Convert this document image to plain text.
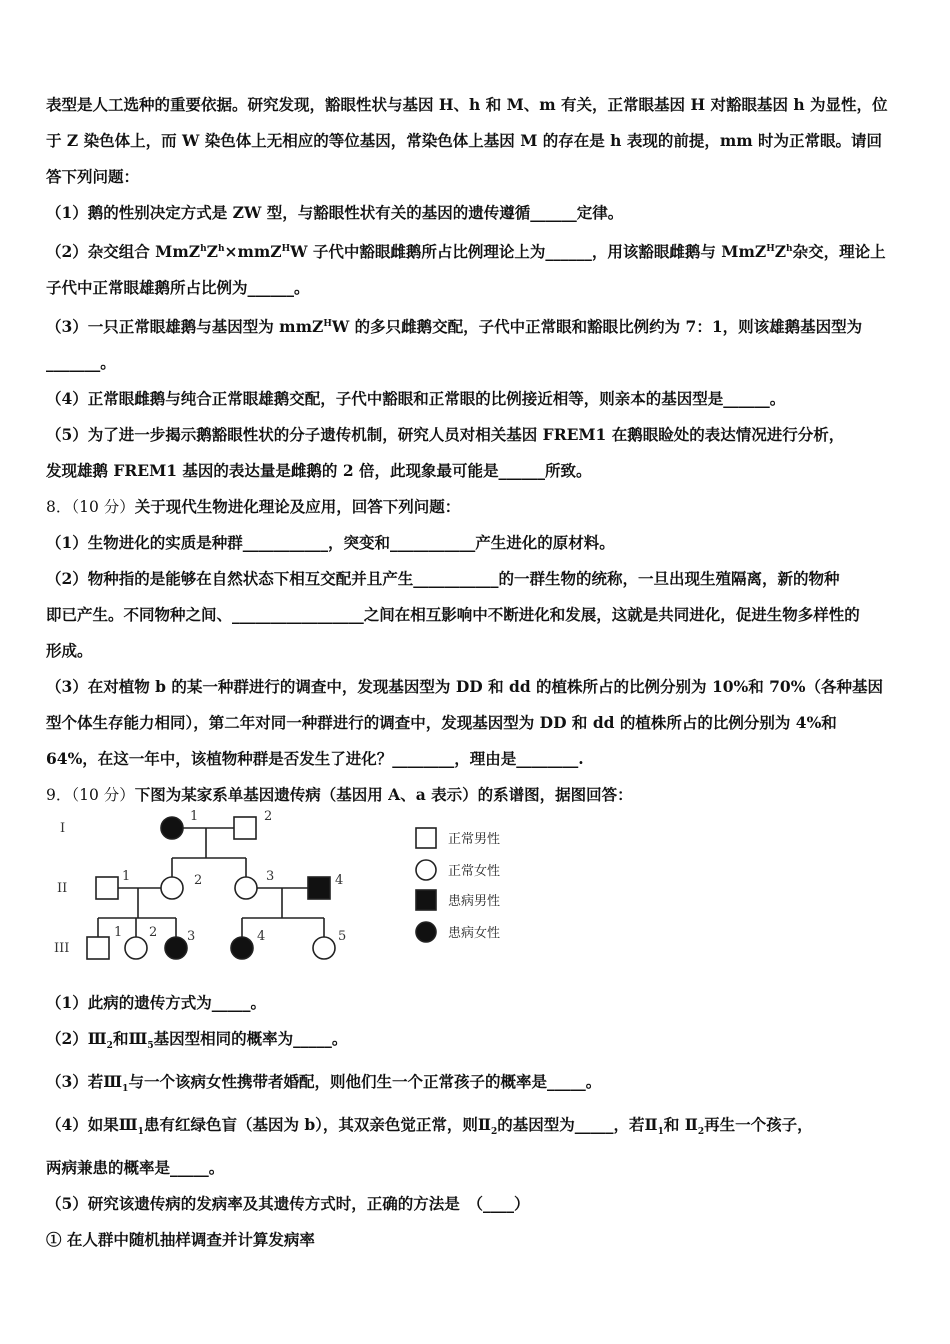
表型是人工选种的重要依据。研究发现，豁眼性状与基因 H、h 和 M、m 有关，正常眼基因 H 对豁眼基因 h 为显性，位

于 Z 染色体上，而 W 染色体上无相应的等位基因，常染色体上基因 M 的存在是 h 表现的前提，mm 时为正常眼。请回

答下列问题：

（1）鹅的性别决定方式是 ZW 型，与豁眼性状有关的基因的遗传遵循______定律。

（2）杂交组合 $MmZ^hZ^h\times mmZ^HW$ 子代中豁眼雌鹅所占比例理论上为______，用该豁眼雌鹅与 $MmZ^HZ^h$杂交，理论上

子代中正常眼雄鹅所占比例为______。

（3）一只正常眼雄鹅与基因型为 mmZ$^H$W 的多只雌鹅交配，子代中正常眼和豁眼比例约为 7：1，则该雄鹅基因型为

_______。

（4）正常眼雌鹅与纯合正常眼雄鹅交配，子代中豁眼和正常眼的比例接近相等，则亲本的基因型是______。

（5）为了进一步揭示鹅豁眼性状的分子遗传机制，研究人员对相关基因 FREM1 在鹅眼睑处的表达情况进行分析，

发现雄鹅 FREM1 基因的表达量是雌鹅的 2 倍，此现象最可能是______所致。

8．（10 分）关于现代生物进化理论及应用，回答下列问题：

（1）生物进化的实质是种群___________，突变和___________产生进化的原材料。

（2）物种指的是能够在自然状态下相互交配并且产生___________的一群生物的统称，一旦出现生殖隔离，新的物种

即已产生。不同物种之间、_________________之间在相互影响中不断进化和发展，这就是共同进化，促进生物多样性的

形成。

（3）在对植物 b 的某一种群进行的调查中，发现基因型为 DD 和 dd 的植株所占的比例分别为 10%和 70%（各种基因

型个体生存能力相同），第二年对同一种群进行的调查中，发现基因型为 DD 和 dd 的植株所占的比例分别为 4%和

64%，在这一年中，该植物种群是否发生了进化？________，理由是________.

9．（10 分）下图为某家系单基因遗传病（基因用 A、a 表示）的系谱图，据图回答：

I
II
III
1	2
1	2	3	4
1 2 3	4	5
正常男性
正常女性
患病男性
患病女性

（1）此病的遗传方式为_____。

$(2)Ⅲ_2$和$Ⅲ_5$基因型相同的概率为_____。

（3）若$Ⅲ_1$与一个该病女性携带者婚配，则他们生一个正常孩子的概率是_____。

（4）如果$Ⅲ_1$患有红绿色盲（基因为 b），其双亲色觉正常，则$Ⅱ_2$的基因型为_____，若$Ⅱ_1$和 $Ⅱ_2$再生一个孩子，

两病兼患的概率是_____。

（5）研究该遗传病的发病率及其遗传方式时，正确的方法是　（____）

① 在人群中随机抽样调查并计算发病率
